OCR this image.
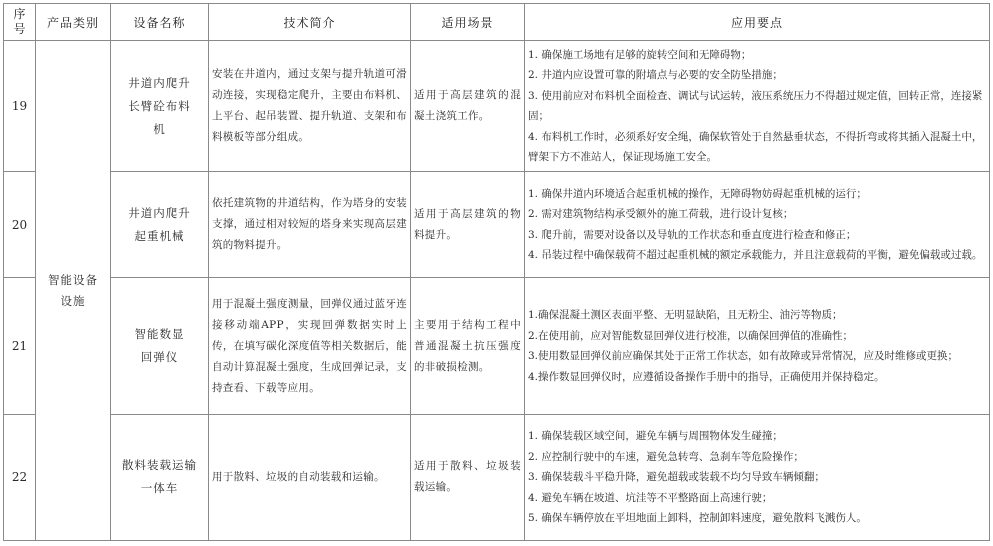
序号	产品类别	设备名称	技术简介	适用场景	应用要点
19	智能设备设施	井道内爬升长臂砼布料机	安装在井道内，通过支架与提升轨道可滑动连接，实现稳定爬升，主要由布料机、上平台、起吊装置、提升轨道、支架和布料模板等部分组成。	适用于高层建筑的混凝土浇筑工作。	1. 确保施工场地有足够的旋转空间和无障碍物；
2. 井道内应设置可靠的附墙点与必要的安全防坠措施；
3. 使用前应对布料机全面检查、调试与试运转，液压系统压力不得超过规定值，回转正常，连接紧固；
4. 布料机工作时，必须系好安全绳，确保软管处于自然悬垂状态，不得折弯或将其插入混凝土中，臂架下方不准站人，保证现场施工安全。

20		井道内爬升起重机械	依托建筑物的井道结构，作为塔身的安装支撑，通过相对较短的塔身来实现高层建筑的物料提升。	适用于高层建筑的物料提升。	1. 确保井道内环境适合起重机械的操作，无障碍物妨碍起重机械的运行；
2. 需对建筑物结构承受额外的施工荷载，进行设计复核；
3. 爬升前，需要对设备以及导轨的工作状态和垂直度进行检查和修正；
4. 吊装过程中确保载荷不超过起重机械的额定承载能力，并且注意载荷的平衡，避免偏载或过载。

21		智能数显回弹仪	用于混凝土强度测量，回弹仪通过蓝牙连接移动端APP，实现回弹数据实时上传，在填写碳化深度值等相关数据后，能自动计算混凝土强度，生成回弹记录，支持查看、下载等应用。	主要用于结构工程中普通混凝土抗压强度的非破损检测。	1.确保混凝土测区表面平整、无明显缺陷，且无粉尘、油污等物质；
2.在使用前，应对智能数显回弹仪进行校准，以确保回弹值的准确性；
3.使用数显回弹仪前应确保其处于正常工作状态，如有故障或异常情况，应及时维修或更换；
4.操作数显回弹仪时，应遵循设备操作手册中的指导，正确使用并保持稳定。

22		散料装载运输一体车	用于散料、垃圾的自动装载和运输。	适用于散料、垃圾装载运输。	1. 确保装载区域空间，避免车辆与周围物体发生碰撞；
2. 应控制行驶中的车速，避免急转弯、急刹车等危险操作；
3. 确保装载斗平稳升降，避免超载或装载不均匀导致车辆倾翻；
4. 避免车辆在坡道、坑洼等不平整路面上高速行驶；
5. 确保车辆停放在平坦地面上卸料，控制卸料速度，避免散料飞溅伤人。
